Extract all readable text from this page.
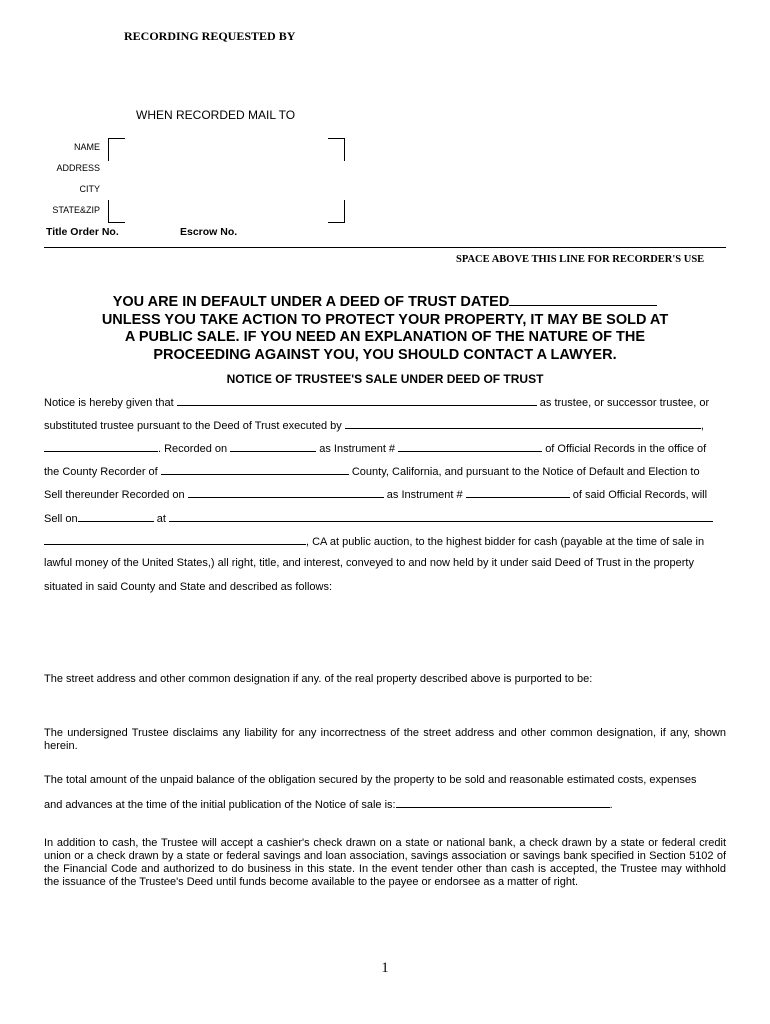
RECORDING REQUESTED BY
WHEN RECORDED MAIL TO
NAME
ADDRESS
CITY
STATE&ZIP
Title Order No.	Escrow No.
SPACE ABOVE THIS LINE FOR RECORDER'S USE
YOU ARE IN DEFAULT UNDER A DEED OF TRUST DATED
UNLESS YOU TAKE ACTION TO PROTECT YOUR PROPERTY, IT MAY BE SOLD AT
A PUBLIC SALE. IF YOU NEED AN EXPLANATION OF THE NATURE OF THE
PROCEEDING AGAINST YOU, YOU SHOULD CONTACT A LAWYER.
NOTICE OF TRUSTEE'S SALE UNDER DEED OF TRUST
Notice is hereby given that	as trustee, or successor trustee, or
substituted trustee pursuant to the Deed of Trust executed by	,
. Recorded on	as Instrument #	of Official Records in the office of
the County Recorder of	County, California, and pursuant to the Notice of Default and Election to
Sell thereunder Recorded on	as Instrument #	of said Official Records, will
Sell on	at
, CA at public auction, to the highest bidder for cash (payable at the time of sale in
lawful money of the United States,) all right, title, and interest, conveyed to and now held by it under said Deed of Trust in the property
situated in said County and State and described as follows:
The street address and other common designation if any. of the real property described above is purported to be:
The undersigned Trustee disclaims any liability for any incorrectness of the street address and other common designation, if any, shown herein.
The total amount of the unpaid balance of the obligation secured by the property to be sold and reasonable estimated costs, expenses
and advances at the time of the initial publication of the Notice of sale is:	.
In addition to cash, the Trustee will accept a cashier's check drawn on a state or national bank, a check drawn by a state or federal credit union or a check drawn by a state or federal savings and loan association, savings association or savings bank specified in Section 5102 of the Financial Code and authorized to do business in this state. In the event tender other than cash is accepted, the Trustee may withhold the issuance of the Trustee's Deed until funds become available to the payee or endorsee as a matter of right.
1
